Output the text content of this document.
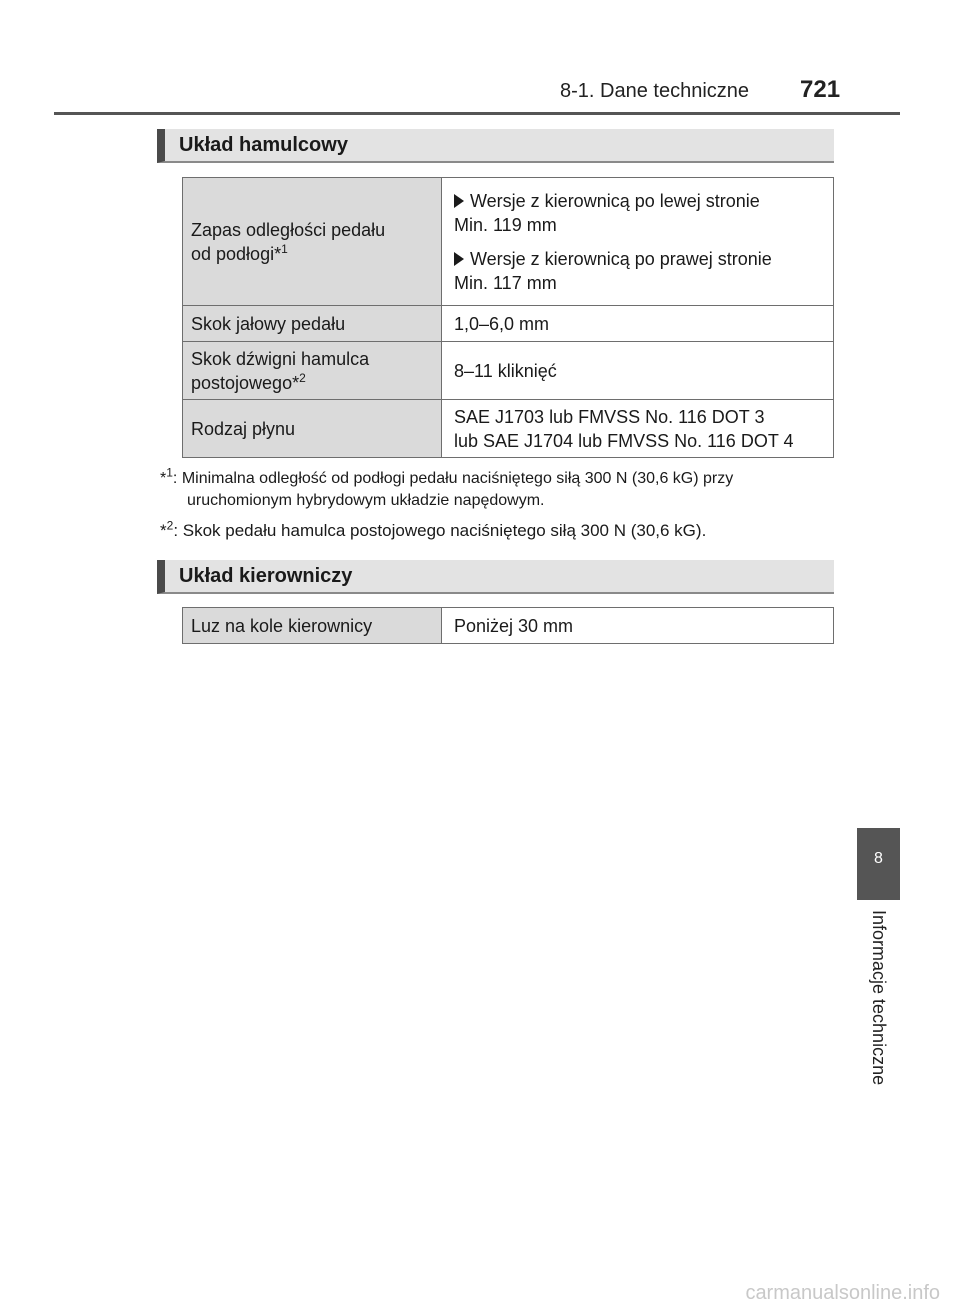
8-1. Dane techniczne 721
Układ hamulcowy
Zapas odległości pedału od podłogi*$^1$	Wersje z kierownicą po lewej stronie
Min. 119 mm
Wersje z kierownicą po prawej stronie
Min. 117 mm

Skok jałowy pedału	1,0–6,0 mm

Skok dźwigni hamulca postojowego*$^2$	8–11 kliknięć
Rodzaj płynu	SAE J1703 lub FMVSS No. 116 DOT 3
lub SAE J1704 lub FMVSS No. 116 DOT 4
*$^1$: Minimalna odległość od podłogi pedału naciśniętego siłą 300 N (30,6 kG) przy
uruchomionym hybrydowym układzie napędowym.
*$^2$: Skok pedału hamulca postojowego naciśniętego siłą 300 N (30,6 kG).
Układ kierowniczy
Luz na kole kierownicy	Poniżej 30 mm
8
Informacje techniczne
carmanualsonline.info
